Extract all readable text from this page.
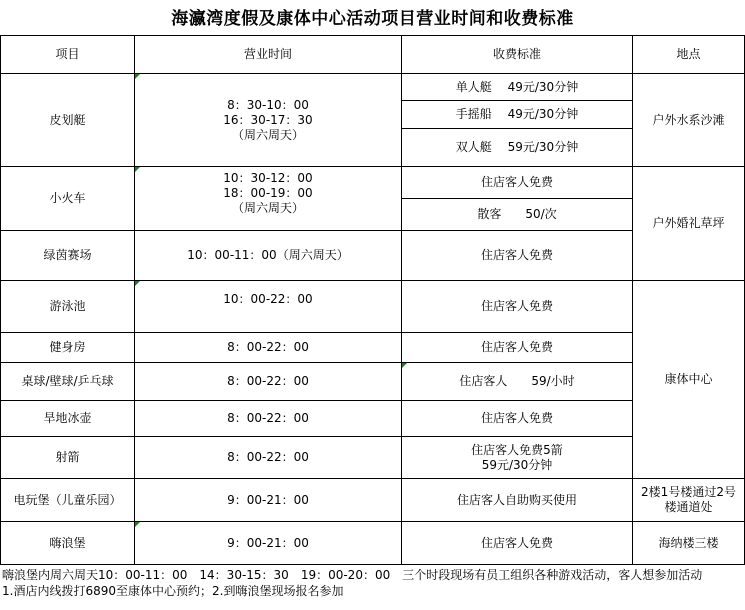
海瀛湾度假及康体中心活动项目营业时间和收费标准
项目	营业时间	收费标准	地点
皮划艇	8：30-10：00
16：30-17：30
（周六周天）	单人艇　 49元/30分钟	户外水系沙滩
		手摇船　 49元/30分钟	
		双人艇　 59元/30分钟	
小火车	10：30-12：00
18：00-19：00
（周六周天）	住店客人免费	户外婚礼草坪
		散客　　50/次	
绿茵赛场	10：00-11：00（周六周天）	住店客人免费	
游泳池	10：00-22：00	住店客人免费	康体中心
健身房	8：00-22：00	住店客人免费	
桌球/壁球/乒乓球	8：00-22：00	住店客人　　59/小时	
旱地冰壶	8：00-22：00	住店客人免费	
射箭	8：00-22：00	住店客人免费5箭
59元/30分钟	

电玩堡（儿童乐园）	9：00-21：00	住店客人自助购买使用	2楼1号楼通过2号
楼通道处

嗨浪堡	9：00-21：00	住店客人免费	海纳楼三楼
嗨浪堡内周六周天10：00-11：00　14：30-15：30　19：00-20：00　三个时段现场有员工组织各种游戏活动，客人想参加活动
1.酒店内线拨打6890至康体中心预约；2.到嗨浪堡现场报名参加
